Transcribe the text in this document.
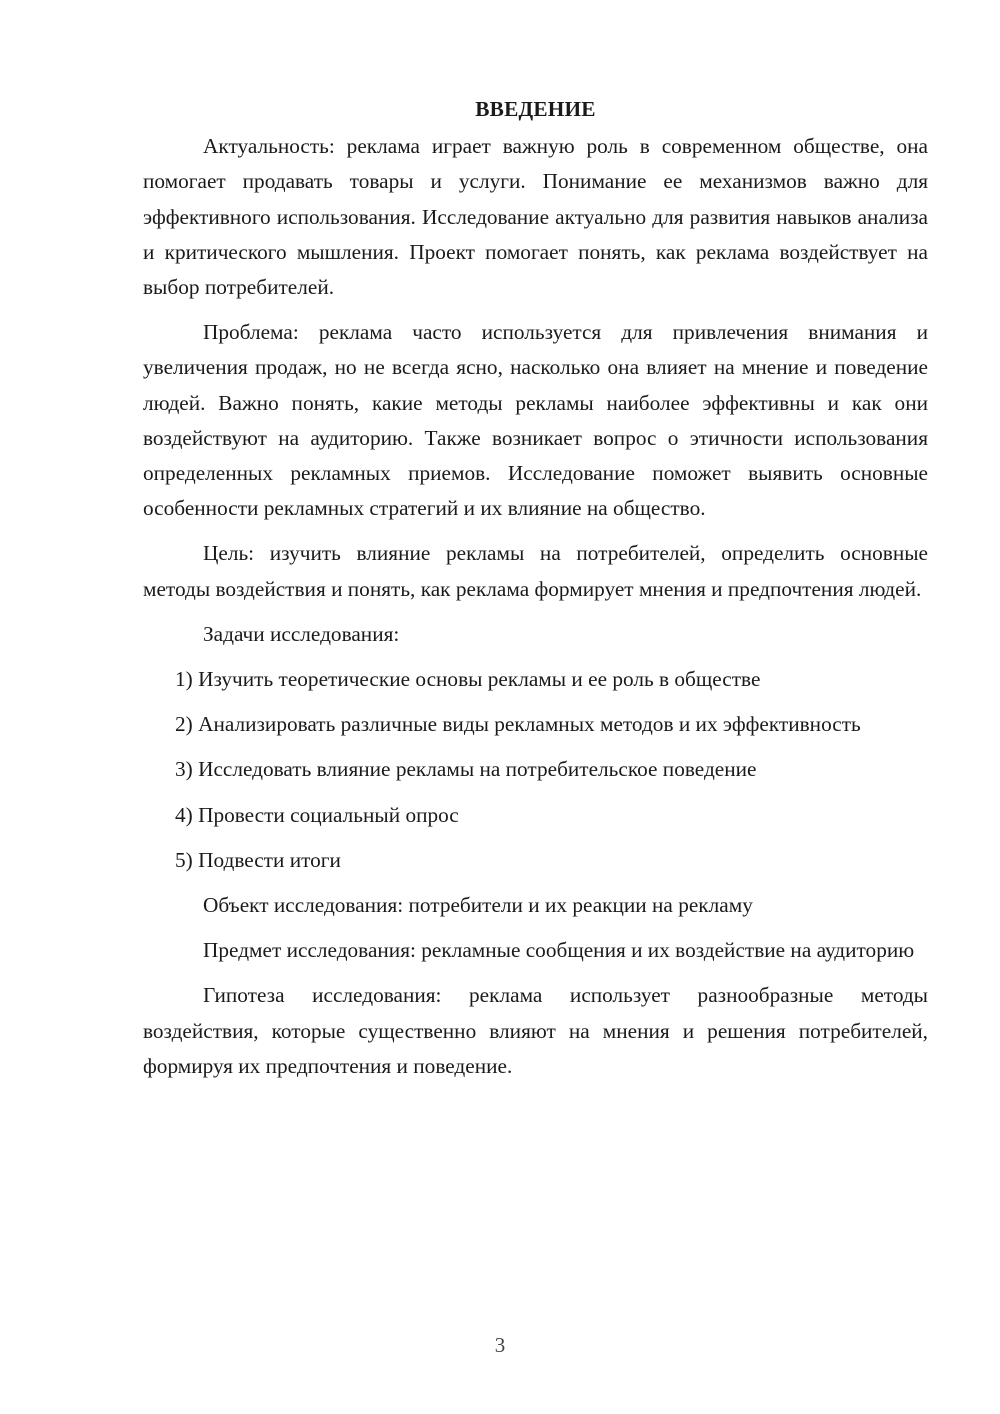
ВВЕДЕНИЕ

Актуальность: реклама играет важную роль в современном обществе, она помогает продавать товары и услуги. Понимание ее механизмов важно для эффективного использования. Исследование актуально для развития навыков анализа и критического мышления. Проект помогает понять, как реклама воздействует на выбор потребителей.

Проблема: реклама часто используется для привлечения внимания и увеличения продаж, но не всегда ясно, насколько она влияет на мнение и поведение людей. Важно понять, какие методы рекламы наиболее эффективны и как они воздействуют на аудиторию. Также возникает вопрос о этичности использования определенных рекламных приемов. Исследование поможет выявить основные особенности рекламных стратегий и их влияние на общество.

Цель: изучить влияние рекламы на потребителей, определить основные методы воздействия и понять, как реклама формирует мнения и предпочтения людей.

Задачи исследования:

1) Изучить теоретические основы рекламы и ее роль в обществе

2) Анализировать различные виды рекламных методов и их эффективность

3) Исследовать влияние рекламы на потребительское поведение

4) Провести социальный опрос

5) Подвести итоги

Объект исследования: потребители и их реакции на рекламу

Предмет исследования: рекламные сообщения и их воздействие на аудиторию

Гипотеза исследования: реклама использует разнообразные методы воздействия, которые существенно влияют на мнения и решения потребителей, формируя их предпочтения и поведение.

3
